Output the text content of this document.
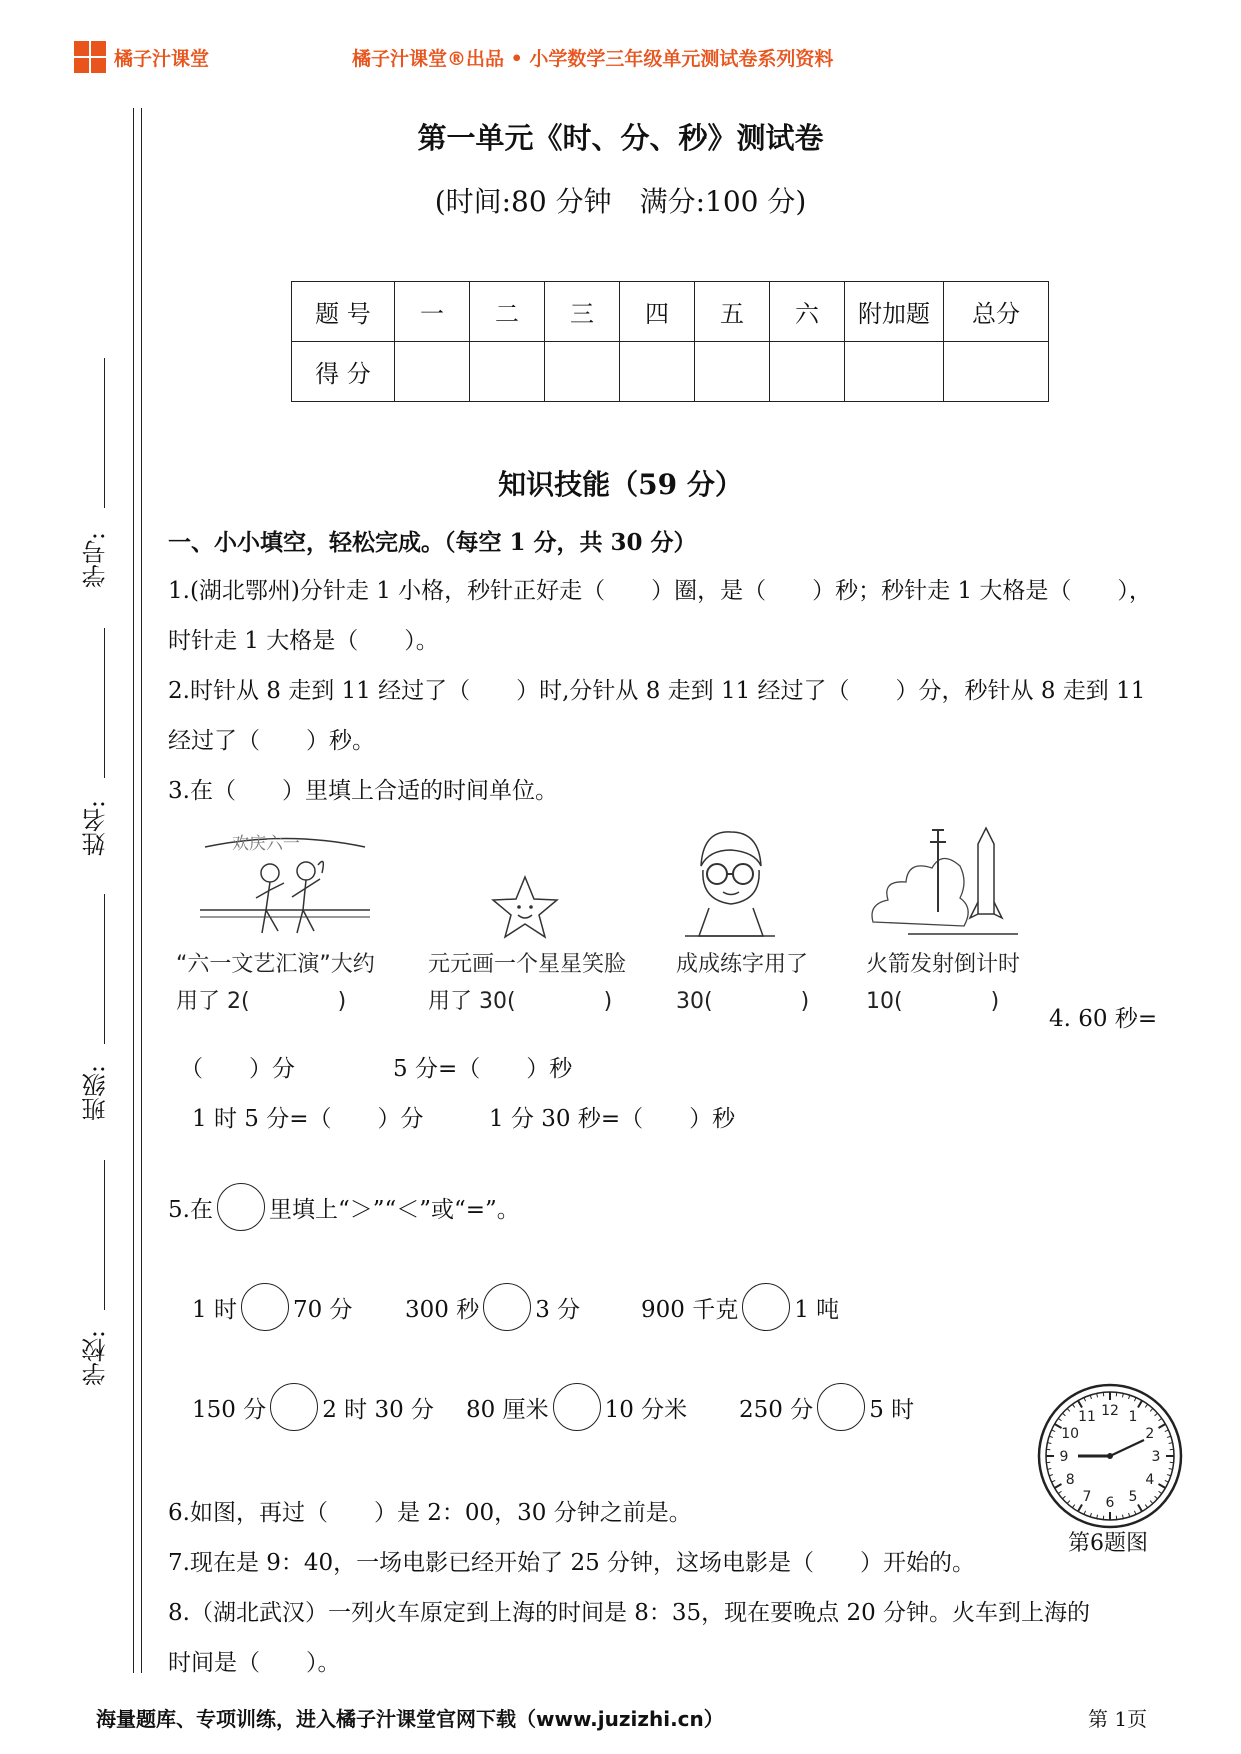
橘子汁课堂	橘子汁课堂®出品 • 小学数学三年级单元测试卷系列资料
学号:
姓名:
班级:
学校:
第一单元《时、分、秒》测试卷
(时间:80 分钟　满分:100 分)
题 号	一	二	三	四	五	六	附加题	总分
得 分								
知识技能（59 分）
一、小小填空，轻松完成。（每空 1 分，共 30 分）
1.(湖北鄂州)分针走 1 小格，秒针正好走（　　）圈，是（　　）秒；秒针走 1 大格是（　　），
时针走 1 大格是（　　）。
2.时针从 8 走到 11 经过了（　　）时,分针从 8 走到 11 经过了（　　）分，秒针从 8 走到 11
经过了（　　）秒。
3.在（　　）里填上合适的时间单位。
欢庆六一
“六一文艺汇演”大约
用了 2(　　　　)
元元画一个星星笑脸
用了 30(　　　　)
成成练字用了
30(　　　　)
火箭发射倒计时
10(　　　　)
4. 60 秒=
（　　）分	5 分=（　　）秒
1 时 5 分=（　　）分	1 分 30 秒=（　　）秒
5.在 里填上“＞”“＜”或“=”。
1 时 70 分 300 秒 3 分	900 千克 1 吨
150 分 2 时 30 分 80 厘米 10 分米 250 分 5 时	12 1
2
3
4
5
6
7
8
9
10
11
第6题图
6.如图，再过（　　）是 2：00，30 分钟之前是。
7.现在是 9：40，一场电影已经开始了 25 分钟，这场电影是（　　）开始的。
8.（湖北武汉）一列火车原定到上海的时间是 8：35，现在要晚点 20 分钟。火车到上海的
时间是（　　）。
海量题库、专项训练，进入橘子汁课堂官网下载（www.juzizhi.cn）	第 1页
